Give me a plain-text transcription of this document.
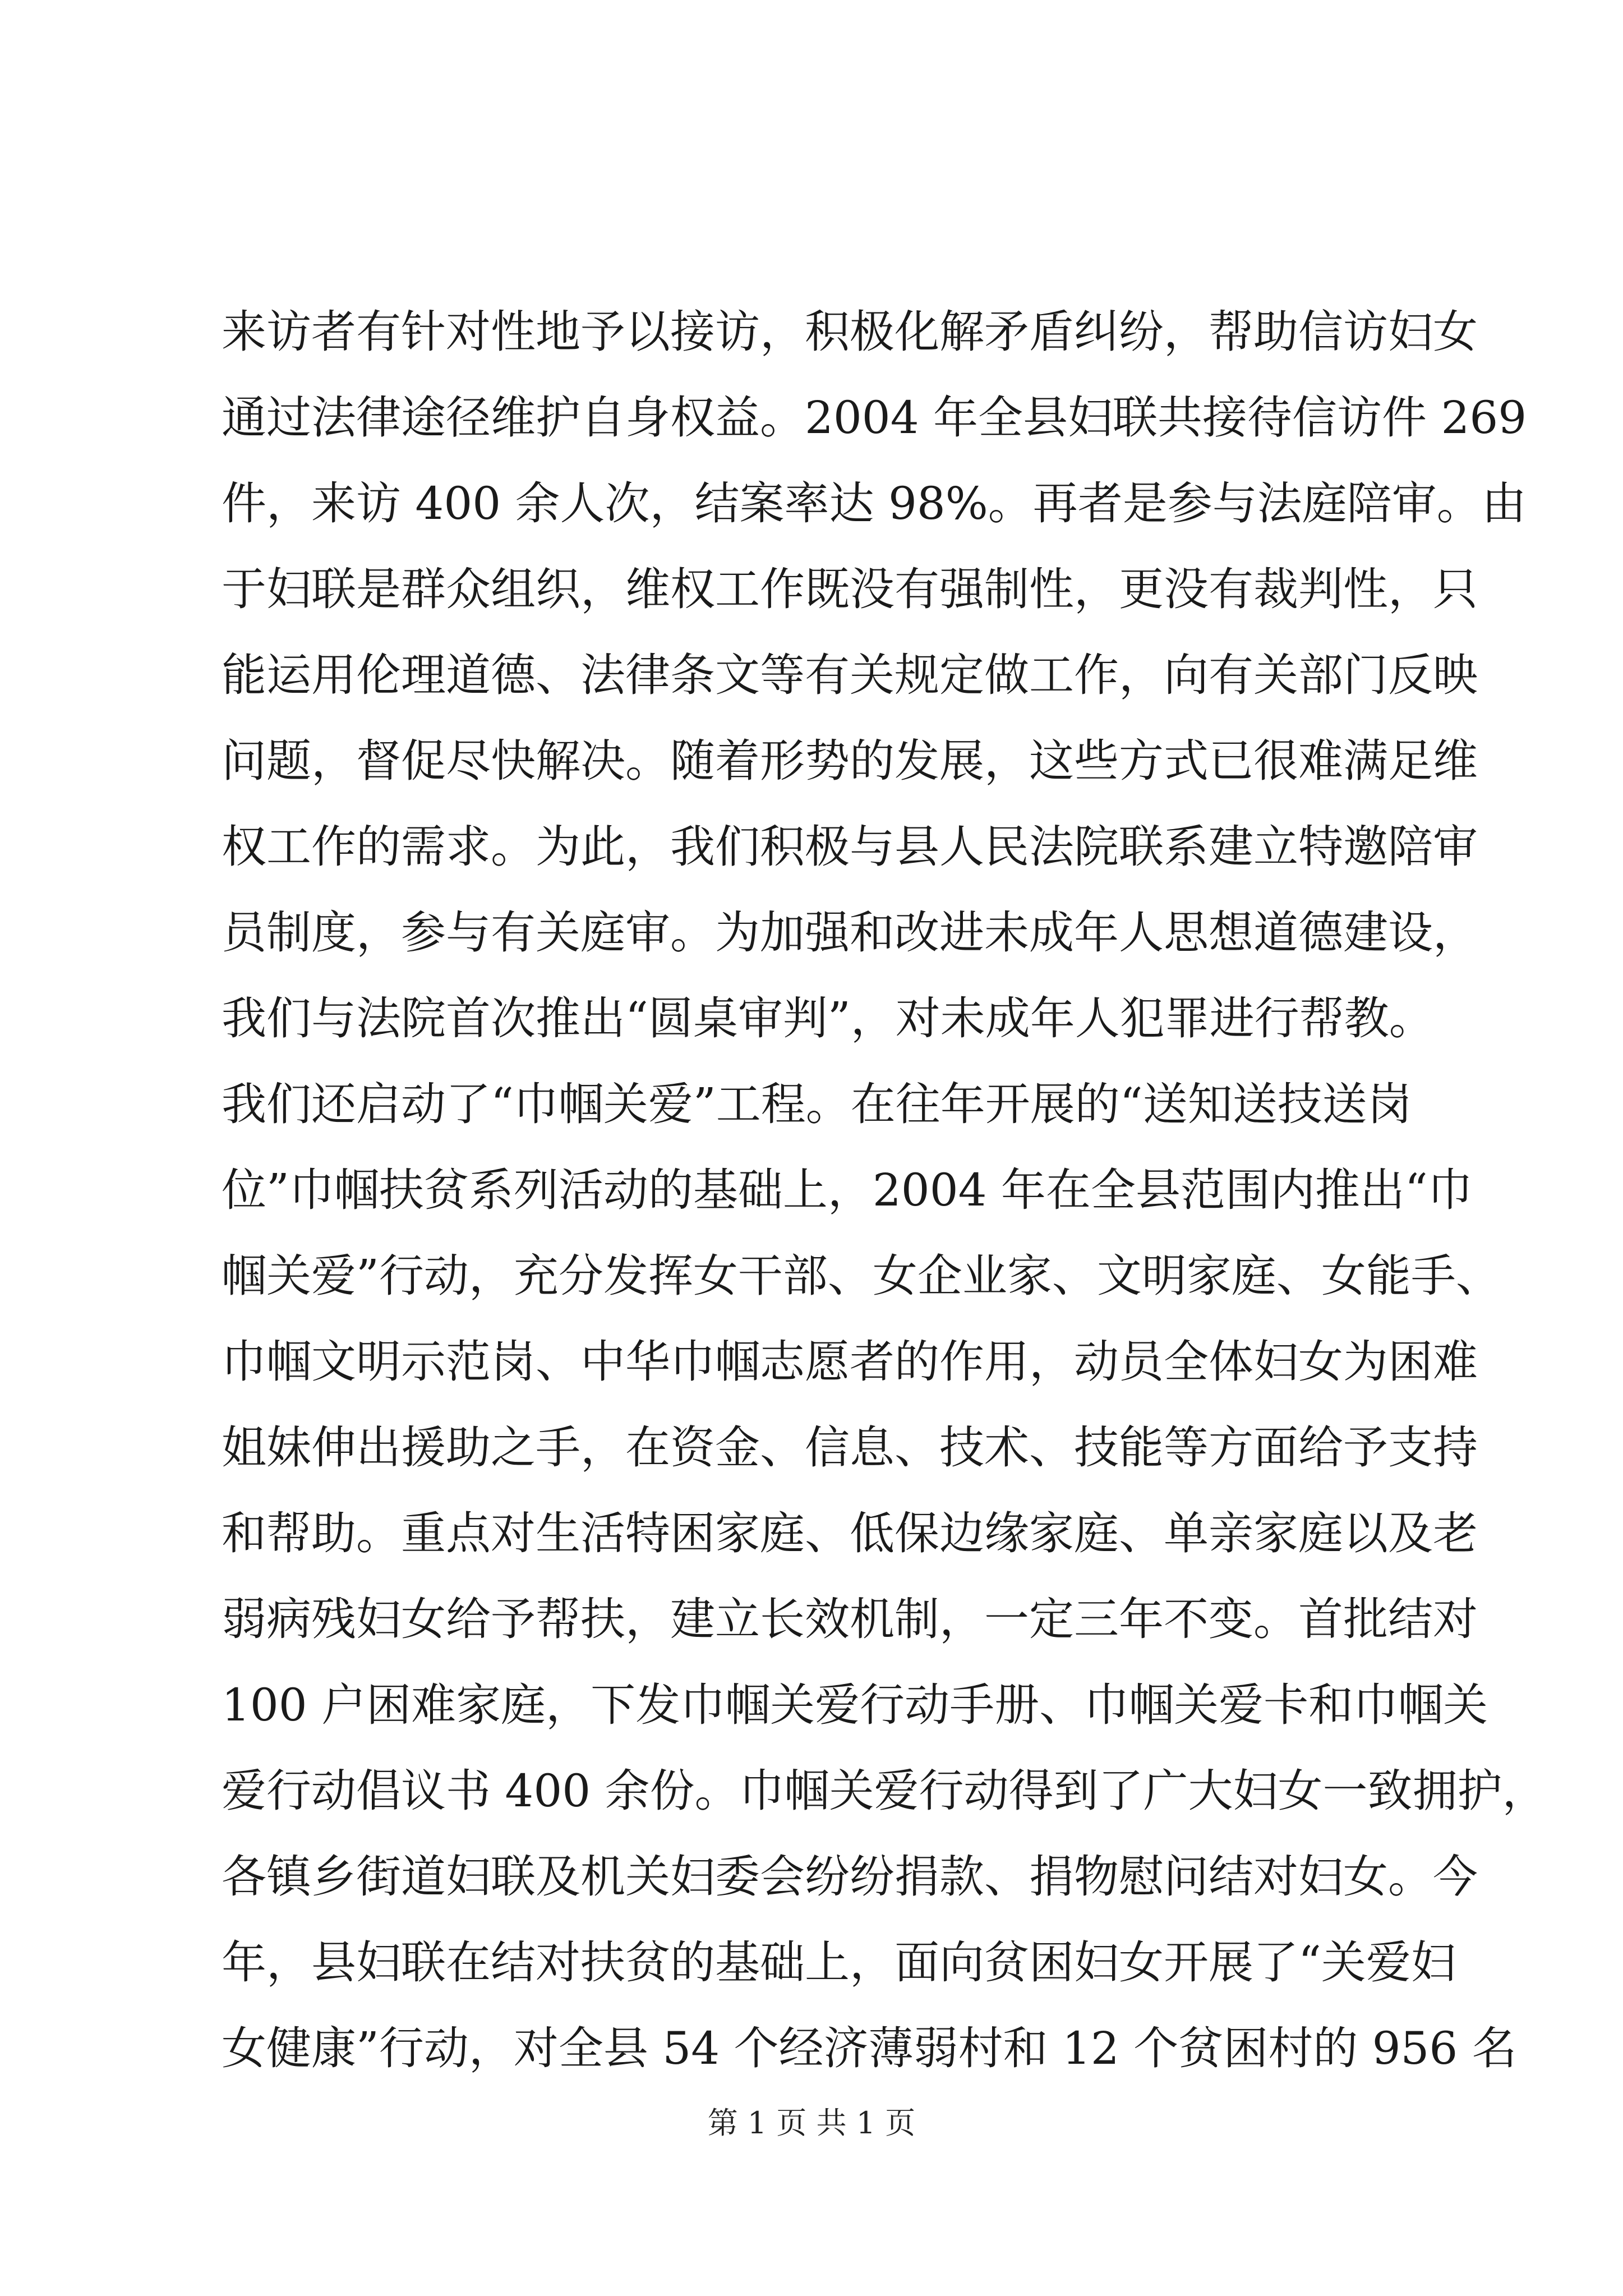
来访者有针对性地予以接访，积极化解矛盾纠纷，帮助信访妇女
通过法律途径维护自身权益。2004 年全县妇联共接待信访件 269
件，来访 400 余人次，结案率达 98%。再者是参与法庭陪审。由
于妇联是群众组织，维权工作既没有强制性，更没有裁判性，只
能运用伦理道德、法律条文等有关规定做工作，向有关部门反映
问题，督促尽快解决。随着形势的发展，这些方式已很难满足维
权工作的需求。为此，我们积极与县人民法院联系建立特邀陪审
员制度，参与有关庭审。为加强和改进未成年人思想道德建设，
我们与法院首次推出“圆桌审判”，对未成年人犯罪进行帮教。
我们还启动了“巾帼关爱”工程。在往年开展的“送知送技送岗
位”巾帼扶贫系列活动的基础上，2004 年在全县范围内推出“巾
帼关爱”行动，充分发挥女干部、女企业家、文明家庭、女能手、
巾帼文明示范岗、中华巾帼志愿者的作用，动员全体妇女为困难
姐妹伸出援助之手，在资金、信息、技术、技能等方面给予支持
和帮助。重点对生活特困家庭、低保边缘家庭、单亲家庭以及老
弱病残妇女给予帮扶，建立长效机制，一定三年不变。首批结对
100 户困难家庭，下发巾帼关爱行动手册、巾帼关爱卡和巾帼关
爱行动倡议书 400 余份。巾帼关爱行动得到了广大妇女一致拥护，
各镇乡街道妇联及机关妇委会纷纷捐款、捐物慰问结对妇女。今
年，县妇联在结对扶贫的基础上，面向贫困妇女开展了“关爱妇
女健康”行动，对全县 54 个经济薄弱村和 12 个贫困村的 956 名
第 1 页 共 1 页
